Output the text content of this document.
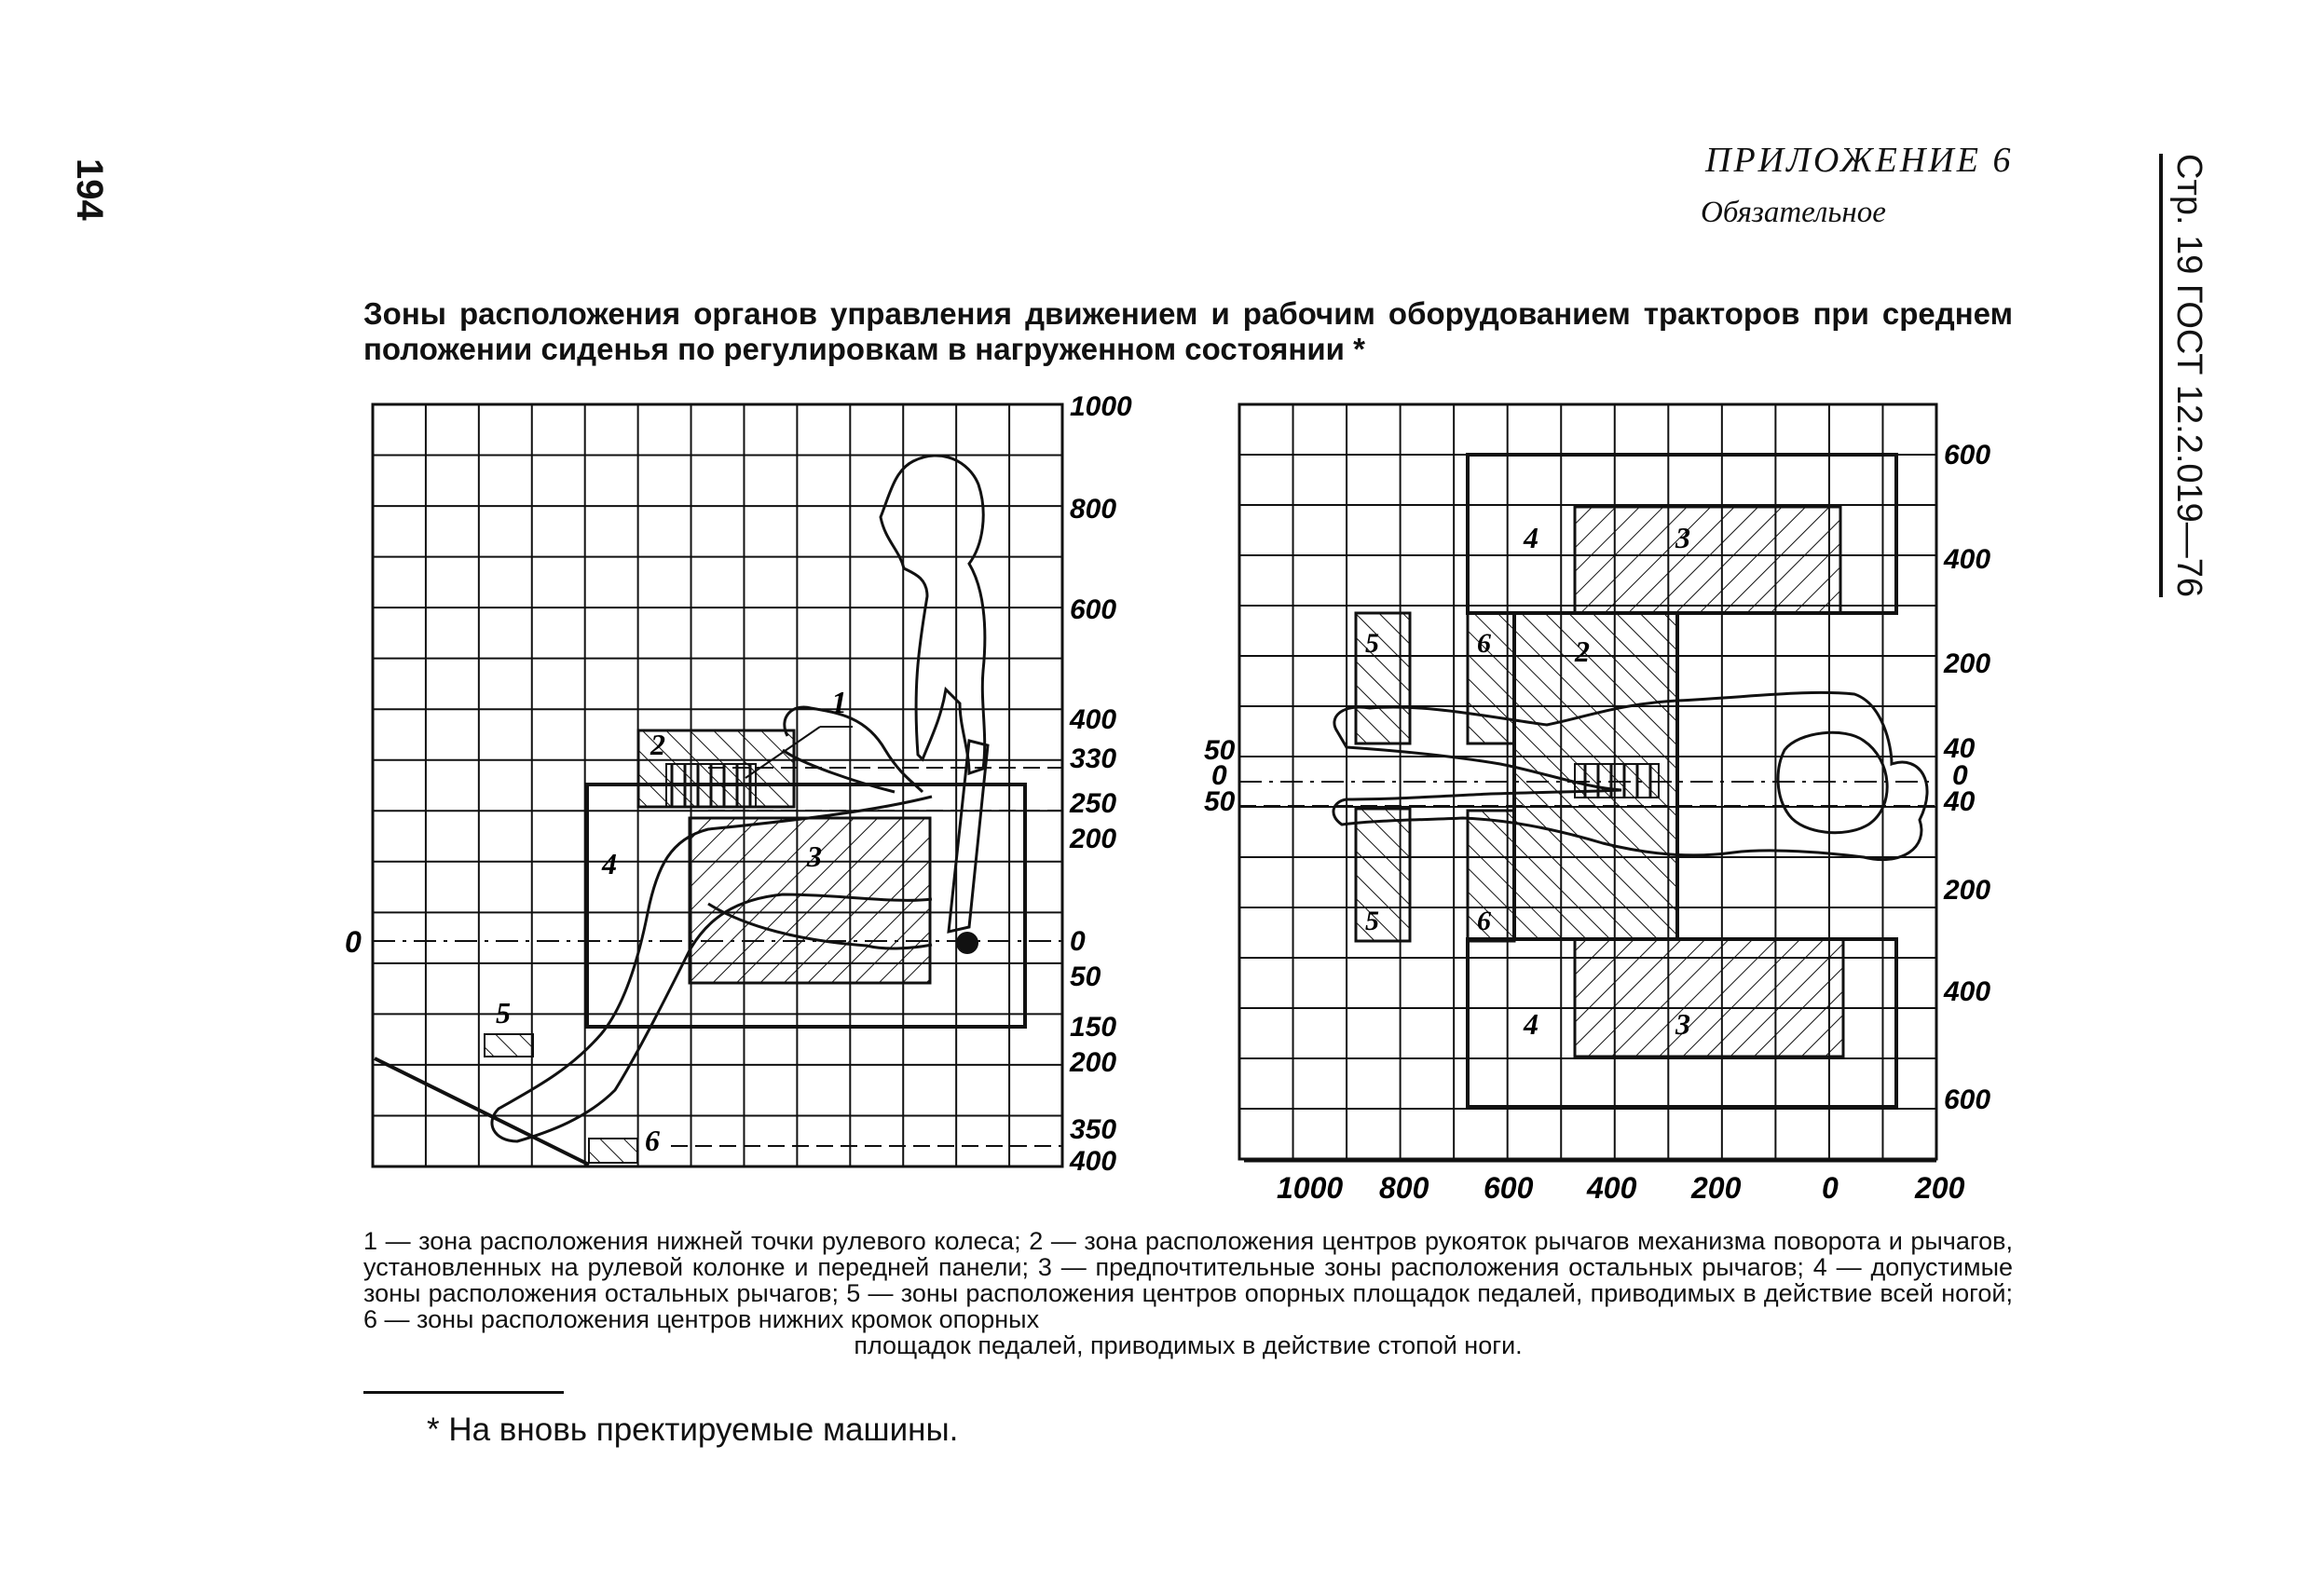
194	Стр. 19 ГОСТ 12.2.019—76
ПРИЛОЖЕНИЕ 6
Обязательное
Зоны расположения органов управления движением и рабочим оборудованием тракторов при среднем положении сиденья по регулировкам в нагруженном состоянии *
1
2
3
4
5
6
0
1000
800
600
400
330
250
200
0
50
150
200
350
400
4	3
5	6	2
5	6
4	3
50
0
50
600
400
200
40
0
40
200
400
600
1000 800 600 400 200	0	200
1 — зона расположения нижней точки рулевого колеса; 2 — зона расположения центров рукояток рычагов механизма поворота и рычагов, установленных на рулевой колонке и передней панели; 3 — предпочтительные зоны расположения остальных рычагов; 4 — допустимые зоны расположения остальных рычагов; 5 — зоны расположения центров опорных площадок педалей, приводимых в действие всей ногой; 6 — зоны расположения центров нижних кромок опорных
площадок педалей, приводимых в действие стопой ноги.
* На вновь пректируемые машины.
